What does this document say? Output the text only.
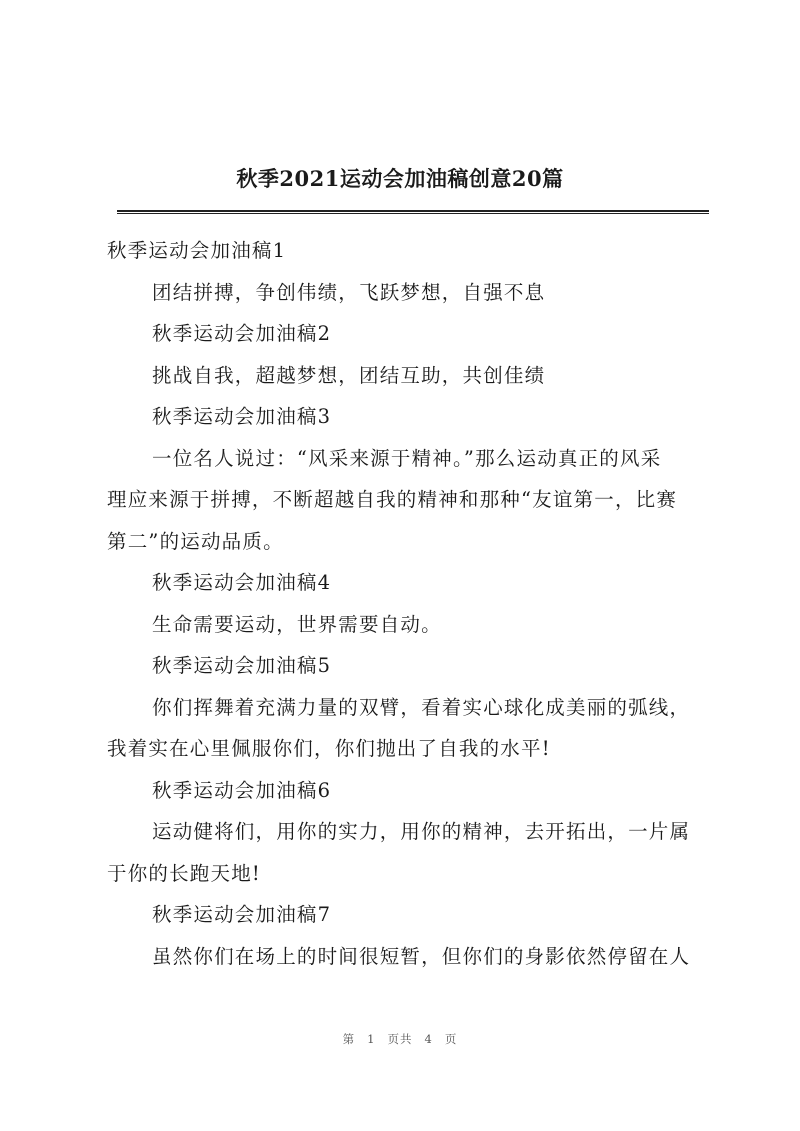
秋季2021运动会加油稿创意20篇
秋季运动会加油稿1
团结拼搏，争创伟绩，飞跃梦想，自强不息
秋季运动会加油稿2
挑战自我，超越梦想，团结互助，共创佳绩
秋季运动会加油稿3
一位名人说过：“风采来源于精神。”那么运动真正的风采
理应来源于拼搏，不断超越自我的精神和那种“友谊第一，比赛
第二”的运动品质。
秋季运动会加油稿4
生命需要运动，世界需要自动。
秋季运动会加油稿5
你们挥舞着充满力量的双臂，看着实心球化成美丽的弧线，
我着实在心里佩服你们，你们抛出了自我的水平!
秋季运动会加油稿6
运动健将们，用你的实力，用你的精神，去开拓出，一片属
于你的长跑天地!
秋季运动会加油稿7
虽然你们在场上的时间很短暂，但你们的身影依然停留在人
第 1 页共 4 页
